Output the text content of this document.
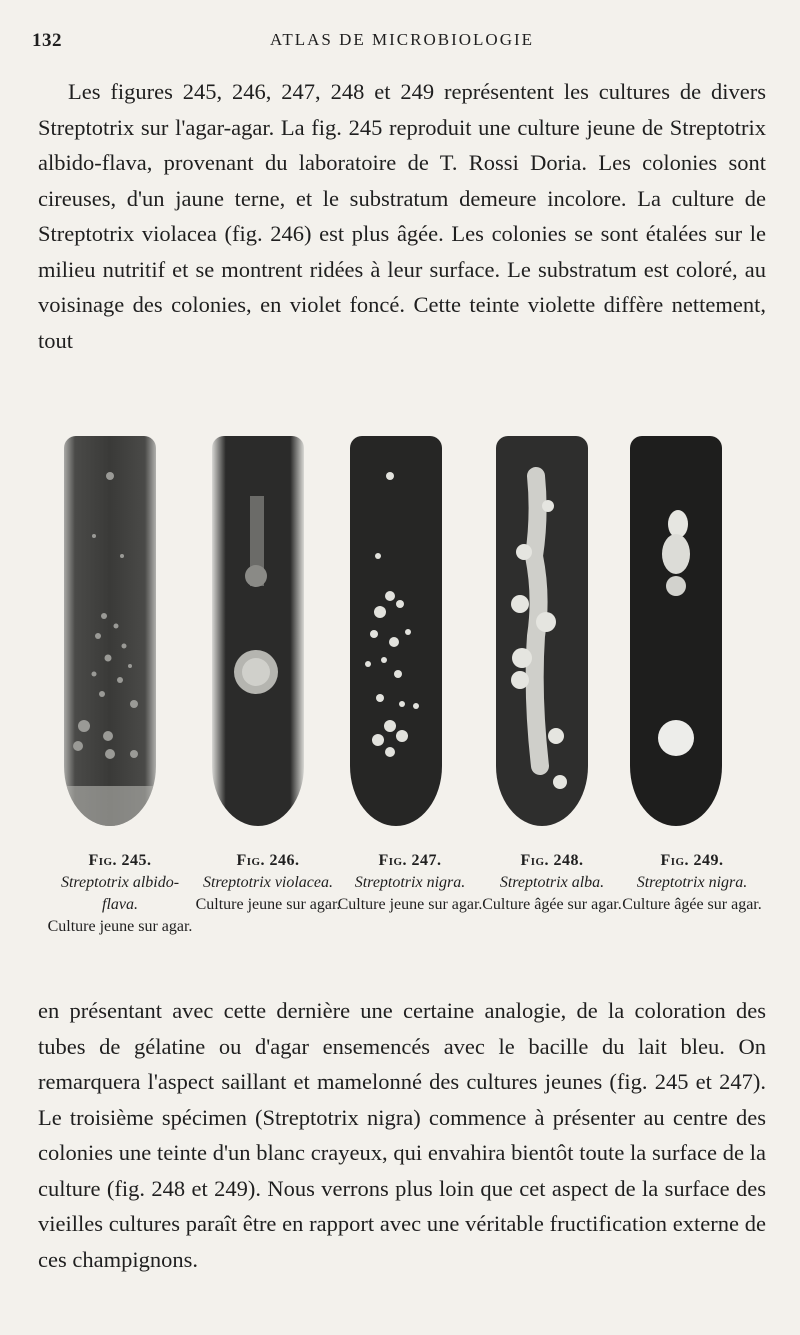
132	ATLAS DE MICROBIOLOGIE

Les figures 245, 246, 247, 248 et 249 représentent les cultures de divers Streptotrix sur l'agar-agar. La fig. 245 reproduit une culture jeune de Streptotrix albido-flava, provenant du laboratoire de T. Rossi Doria. Les colonies sont cireuses, d'un jaune terne, et le substratum demeure incolore. La culture de Streptotrix violacea (fig. 246) est plus âgée. Les colonies se sont étalées sur le milieu nutritif et se montrent ridées à leur surface. Le substratum est coloré, au voisinage des colonies, en violet foncé. Cette teinte violette diffère nettement, tout

Fig. 245.
Streptotrix albido-flava.
Culture jeune sur agar.
Fig. 246.
Streptotrix violacea.
Culture jeune sur agar.
Fig. 247.
Streptotrix nigra.
Culture jeune sur agar.
Fig. 248.
Streptotrix alba.
Culture âgée sur agar.
Fig. 249.
Streptotrix nigra.
Culture âgée sur agar.

en présentant avec cette dernière une certaine analogie, de la coloration des tubes de gélatine ou d'agar ensemencés avec le bacille du lait bleu. On remarquera l'aspect saillant et mamelonné des cultures jeunes (fig. 245 et 247). Le troisième spécimen (Streptotrix nigra) commence à présenter au centre des colonies une teinte d'un blanc crayeux, qui envahira bientôt toute la surface de la culture (fig. 248 et 249). Nous verrons plus loin que cet aspect de la surface des vieilles cultures paraît être en rapport avec une véritable fructification externe de ces champignons.
